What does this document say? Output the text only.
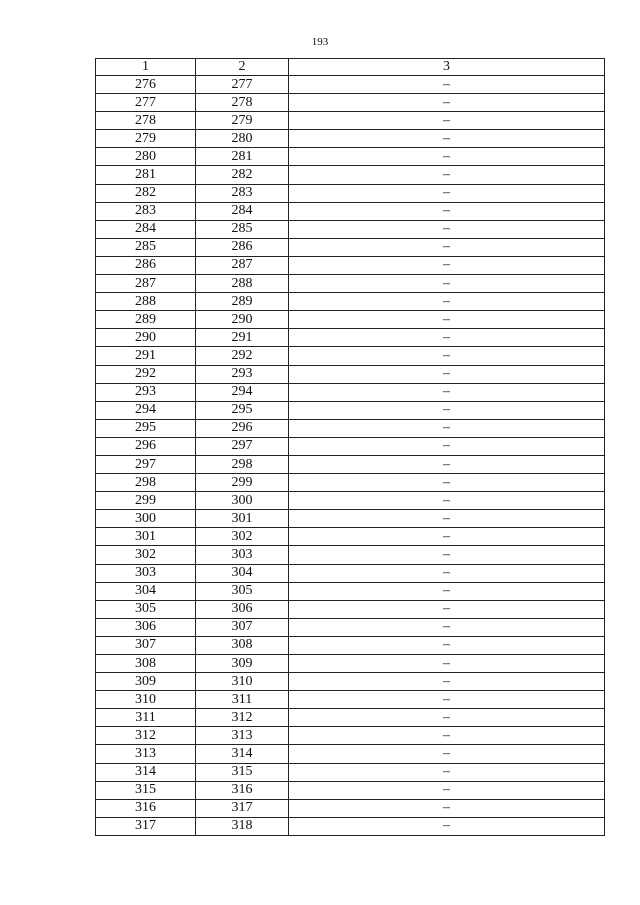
193
1	2	3
276	277	–
277	278	–
278	279	–
279	280	–
280	281	–
281	282	–
282	283	–
283	284	–
284	285	–
285	286	–
286	287	–
287	288	–
288	289	–
289	290	–
290	291	–
291	292	–
292	293	–
293	294	–
294	295	–
295	296	–
296	297	–
297	298	–
298	299	–
299	300	–
300	301	–
301	302	–
302	303	–
303	304	–
304	305	–
305	306	–
306	307	–
307	308	–
308	309	–
309	310	–
310	311	–
311	312	–
312	313	–
313	314	–
314	315	–
315	316	–
316	317	–
317	318	–
